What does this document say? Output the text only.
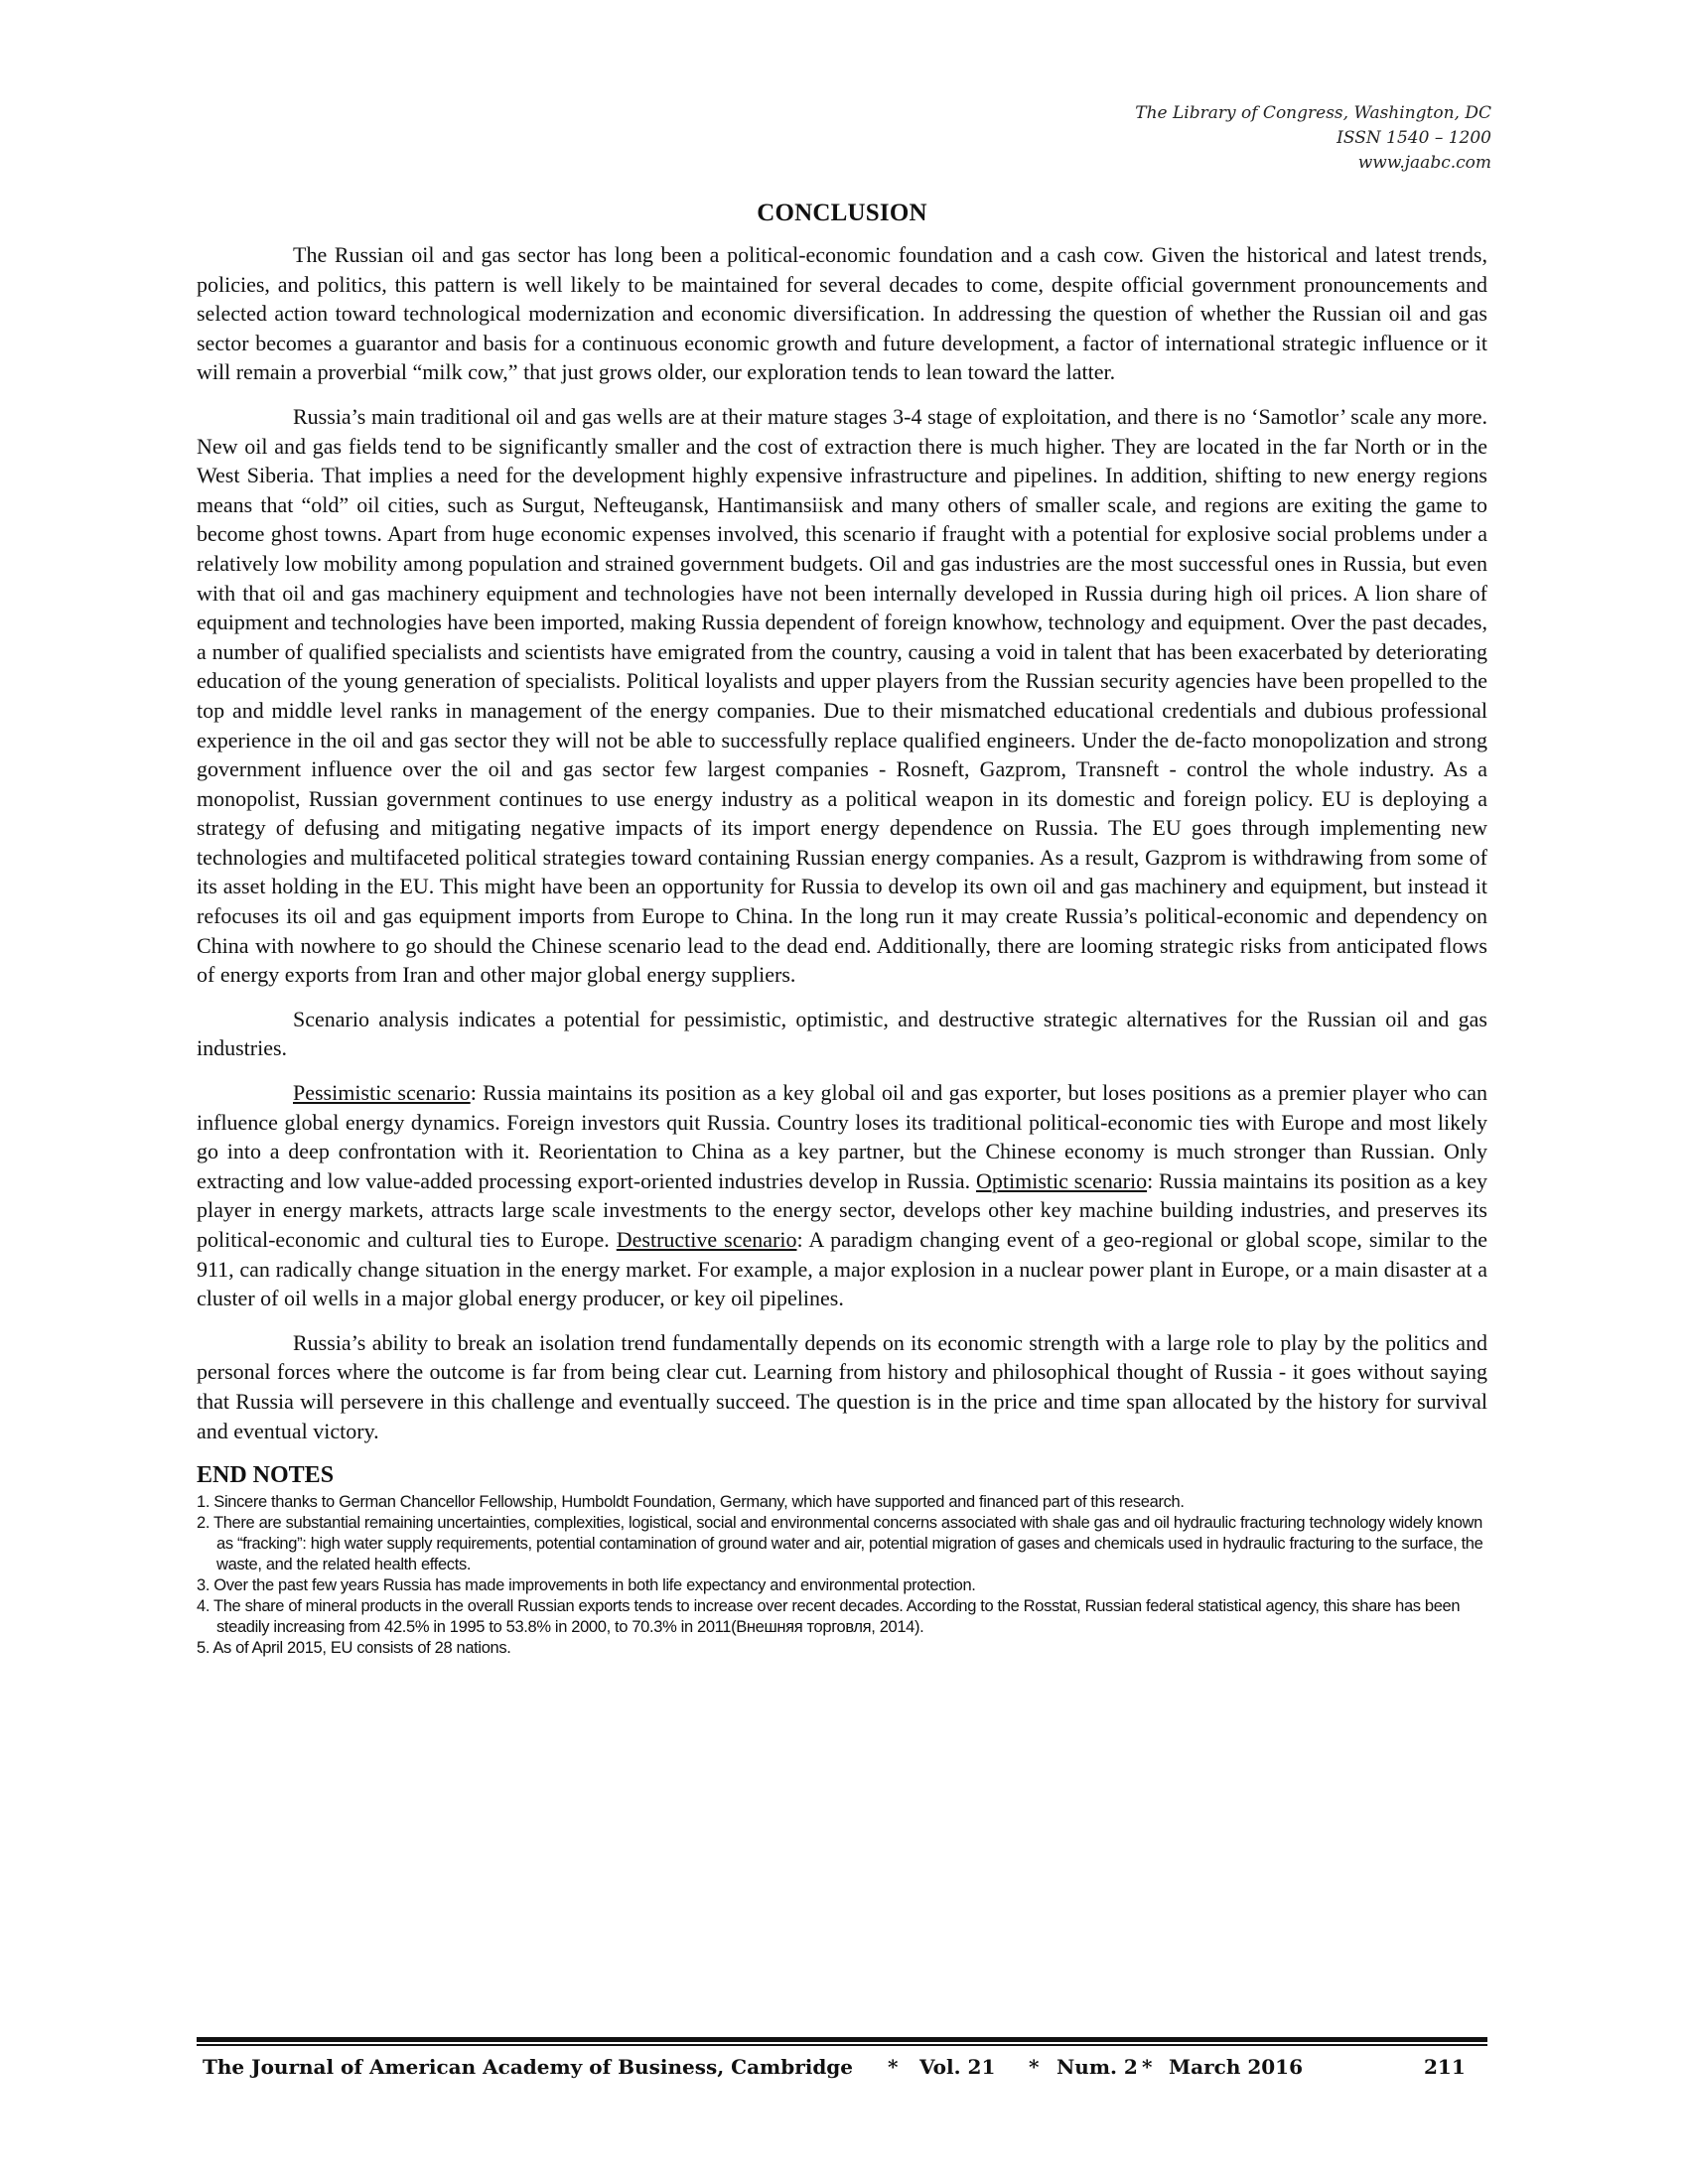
The Library of Congress, Washington, DC
ISSN 1540 – 1200
www.jaabc.com
CONCLUSION

The Russian oil and gas sector has long been a political-economic foundation and a cash cow. Given the historical and latest trends, policies, and politics, this pattern is well likely to be maintained for several decades to come, despite official government pronouncements and selected action toward technological modernization and economic diversification. In addressing the question of whether the Russian oil and gas sector becomes a guarantor and basis for a continuous economic growth and future development, a factor of international strategic influence or it will remain a proverbial “milk cow,” that just grows older, our exploration tends to lean toward the latter.

Russia’s main traditional oil and gas wells are at their mature stages 3-4 stage of exploitation, and there is no ‘Samotlor’ scale any more. New oil and gas fields tend to be significantly smaller and the cost of extraction there is much higher. They are located in the far North or in the West Siberia. That implies a need for the development highly expensive infrastructure and pipelines. In addition, shifting to new energy regions means that “old” oil cities, such as Surgut, Nefteugansk, Hantimansiisk and many others of smaller scale, and regions are exiting the game to become ghost towns. Apart from huge economic expenses involved, this scenario if fraught with a potential for explosive social problems under a relatively low mobility among population and strained government budgets. Oil and gas industries are the most successful ones in Russia, but even with that oil and gas machinery equipment and technologies have not been internally developed in Russia during high oil prices. A lion share of equipment and technologies have been imported, making Russia dependent of foreign knowhow, technology and equipment. Over the past decades, a number of qualified specialists and scientists have emigrated from the country, causing a void in talent that has been exacerbated by deteriorating education of the young generation of specialists. Political loyalists and upper players from the Russian security agencies have been propelled to the top and middle level ranks in management of the energy companies. Due to their mismatched educational credentials and dubious professional experience in the oil and gas sector they will not be able to successfully replace qualified engineers. Under the de-facto monopolization and strong government influence over the oil and gas sector few largest companies - Rosneft, Gazprom, Transneft - control the whole industry. As a monopolist, Russian government continues to use energy industry as a political weapon in its domestic and foreign policy. EU is deploying a strategy of defusing and mitigating negative impacts of its import energy dependence on Russia. The EU goes through implementing new technologies and multifaceted political strategies toward containing Russian energy companies. As a result, Gazprom is withdrawing from some of its asset holding in the EU. This might have been an opportunity for Russia to develop its own oil and gas machinery and equipment, but instead it refocuses its oil and gas equipment imports from Europe to China. In the long run it may create Russia’s political-economic and dependency on China with nowhere to go should the Chinese scenario lead to the dead end. Additionally, there are looming strategic risks from anticipated flows of energy exports from Iran and other major global energy suppliers.

Scenario analysis indicates a potential for pessimistic, optimistic, and destructive strategic alternatives for the Russian oil and gas industries.

Pessimistic scenario: Russia maintains its position as a key global oil and gas exporter, but loses positions as a premier player who can influence global energy dynamics. Foreign investors quit Russia. Country loses its traditional political-economic ties with Europe and most likely go into a deep confrontation with it. Reorientation to China as a key partner, but the Chinese economy is much stronger than Russian. Only extracting and low value-added processing export-oriented industries develop in Russia. Optimistic scenario: Russia maintains its position as a key player in energy markets, attracts large scale investments to the energy sector, develops other key machine building industries, and preserves its political-economic and cultural ties to Europe. Destructive scenario: A paradigm changing event of a geo-regional or global scope, similar to the 911, can radically change situation in the energy market. For example, a major explosion in a nuclear power plant in Europe, or a main disaster at a cluster of oil wells in a major global energy producer, or key oil pipelines.

Russia’s ability to break an isolation trend fundamentally depends on its economic strength with a large role to play by the politics and personal forces where the outcome is far from being clear cut. Learning from history and philosophical thought of Russia - it goes without saying that Russia will persevere in this challenge and eventually succeed. The question is in the price and time span allocated by the history for survival and eventual victory.

END NOTES

1. Sincere thanks to German Chancellor Fellowship, Humboldt Foundation, Germany, which have supported and financed part of this research.

2. There are substantial remaining uncertainties, complexities, logistical, social and environmental concerns associated with shale gas and oil hydraulic fracturing technology widely known as “fracking”: high water supply requirements, potential contamination of ground water and air, potential migration of gases and chemicals used in hydraulic fracturing to the surface, the waste, and the related health effects.

3. Over the past few years Russia has made improvements in both life expectancy and environmental protection.

4. The share of mineral products in the overall Russian exports tends to increase over recent decades. According to the Rosstat, Russian federal statistical agency, this share has been steadily increasing from 42.5% in 1995 to 53.8% in 2000, to 70.3% in 2011(Внешняя торговля, 2014).

5. As of April 2015, EU consists of 28 nations.

The Journal of American Academy of Business, Cambridge * Vol. 21 * Num. 2 * March 2016	211
